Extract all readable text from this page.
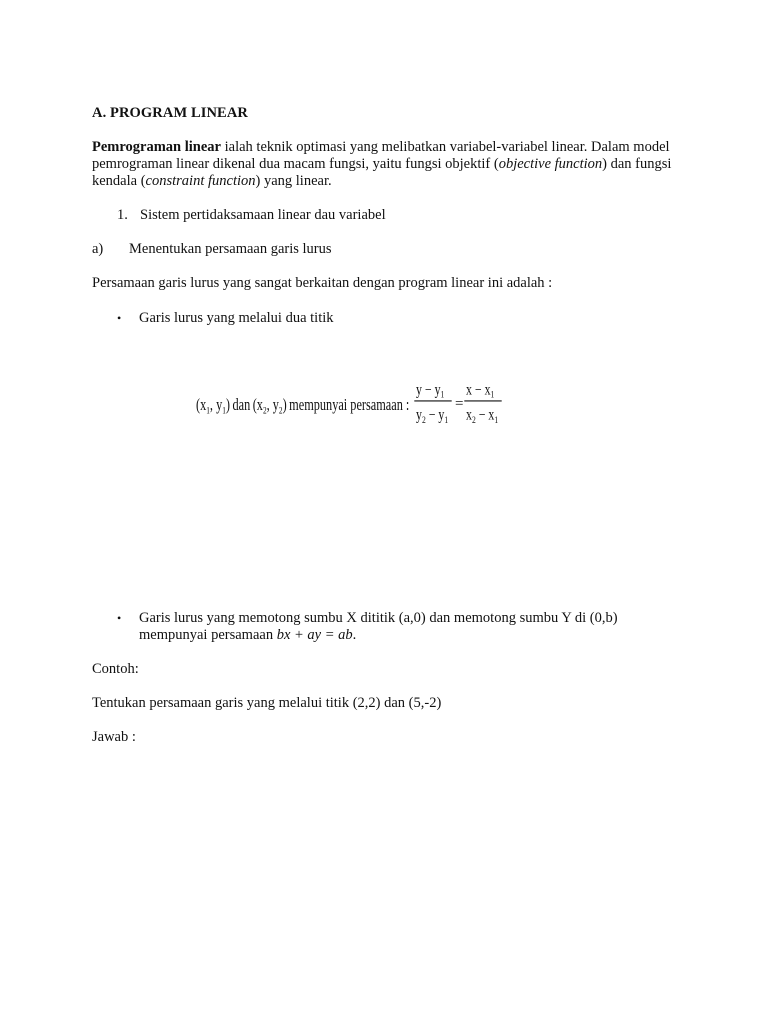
A. PROGRAM LINEAR
Pemrograman linear ialah teknik optimasi yang melibatkan variabel-variabel linear. Dalam model pemrograman linear dikenal dua macam fungsi, yaitu fungsi objektif (objective function) dan fungsi kendala (constraint function) yang linear.
1. Sistem pertidaksamaan linear dau variabel
a) Menentukan persamaan garis lurus
Persamaan garis lurus yang sangat berkaitan dengan program linear ini adalah :
• Garis lurus yang melalui dua titik
($x_1$, $y_1$) dan ($x_2$, $y_2$) mempunyai persamaan :
$y - y_1$
$y_2 - y_1$
=
$x - x_1$
$x_2 - x_1$
• Garis lurus yang memotong sumbu X dititik (a,0) dan memotong sumbu Y di (0,b) mempunyai persamaan bx + ay = ab.
Contoh:
Tentukan persamaan garis yang melalui titik (2,2) dan (5,-2)
Jawab :
